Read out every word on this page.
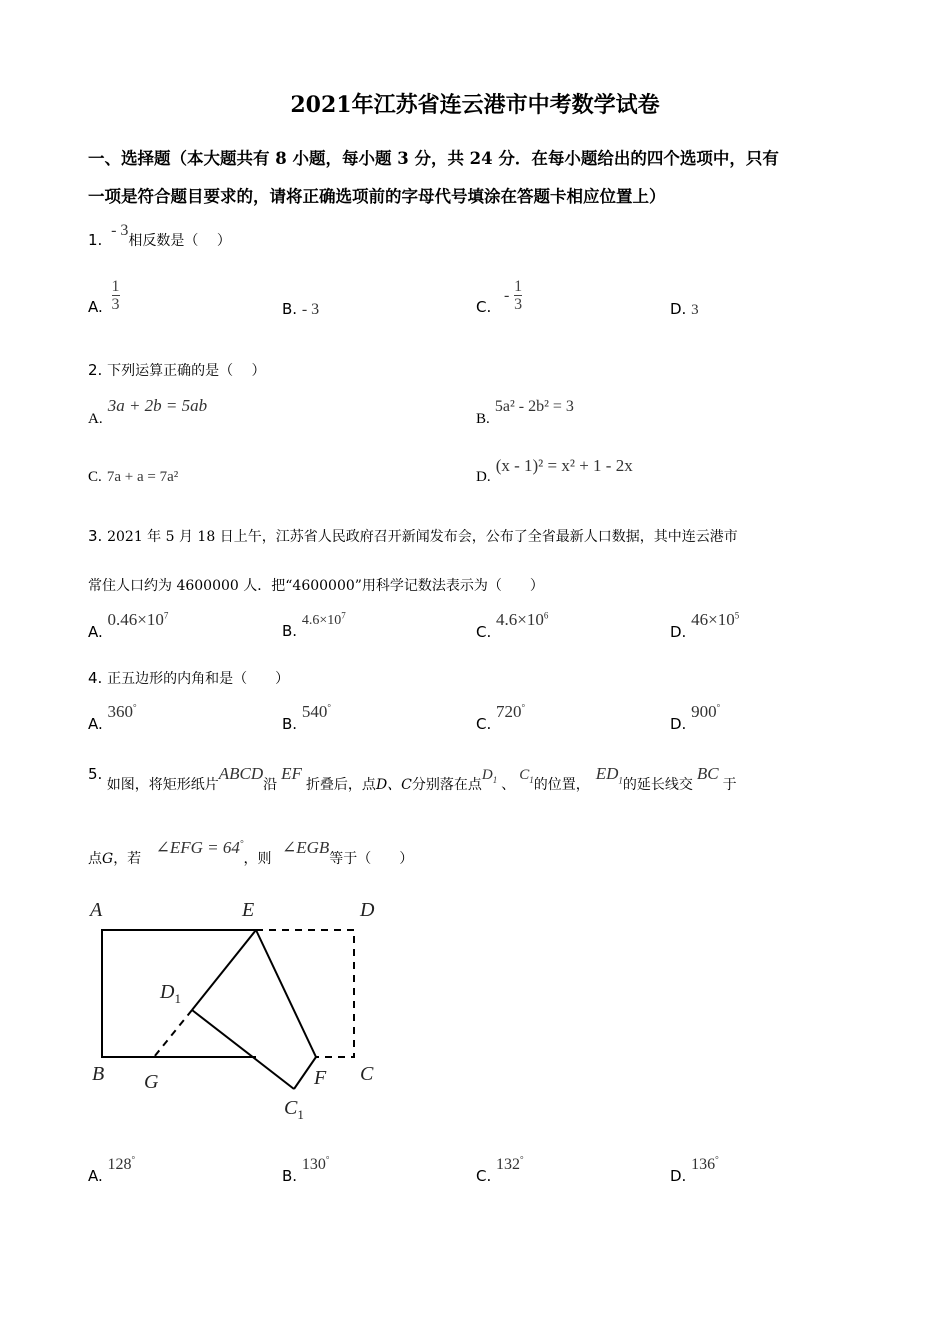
2021年江苏省连云港市中考数学试卷
一、选择题（本大题共有 8 小题，每小题 3 分，共 24 分．在每小题给出的四个选项中，只有
一项是符合题目要求的，请将正确选项前的字母代号填涂在答题卡相应位置上）
1. - 3相反数是（　 ）
A. $\frac{1}{3}$	B. - 3	C. - $\frac{1}{3}$	D. 3
2. 下列运算正确的是（　 ）
A. 3a + 2b = 5ab
B. 5a² - 2b² = 3
C. 7a + a = 7a²	D. (x - 1)² = x² + 1 - 2x
3. 2021 年 5 月 18 日上午，江苏省人民政府召开新闻发布会，公布了全省最新人口数据，其中连云港市
常住人口约为 4600000 人．把“4600000”用科学记数法表示为（　　）
A. $0.46\times 10^7$
B. $4.6\times 10^7$
C. $4.6\times 10^6$
D. $46\times 10^5$
4. 正五边形的内角和是（　　）
A. 360°
B. 540°
C. 720°
D. 900°
5. 如图，将矩形纸片ABCD沿EF折叠后，点D、C分别落在点$D_1$ 、$C_1$的位置，$ED_1$的延长线交BC于
点G，若 ∠EFG = 64°，则 ∠EGB等于（　　）
A	E	D
$D_1$
B G	F C
$C_1$
A. 128°
B. 130°
C. 132°
D. 136°
